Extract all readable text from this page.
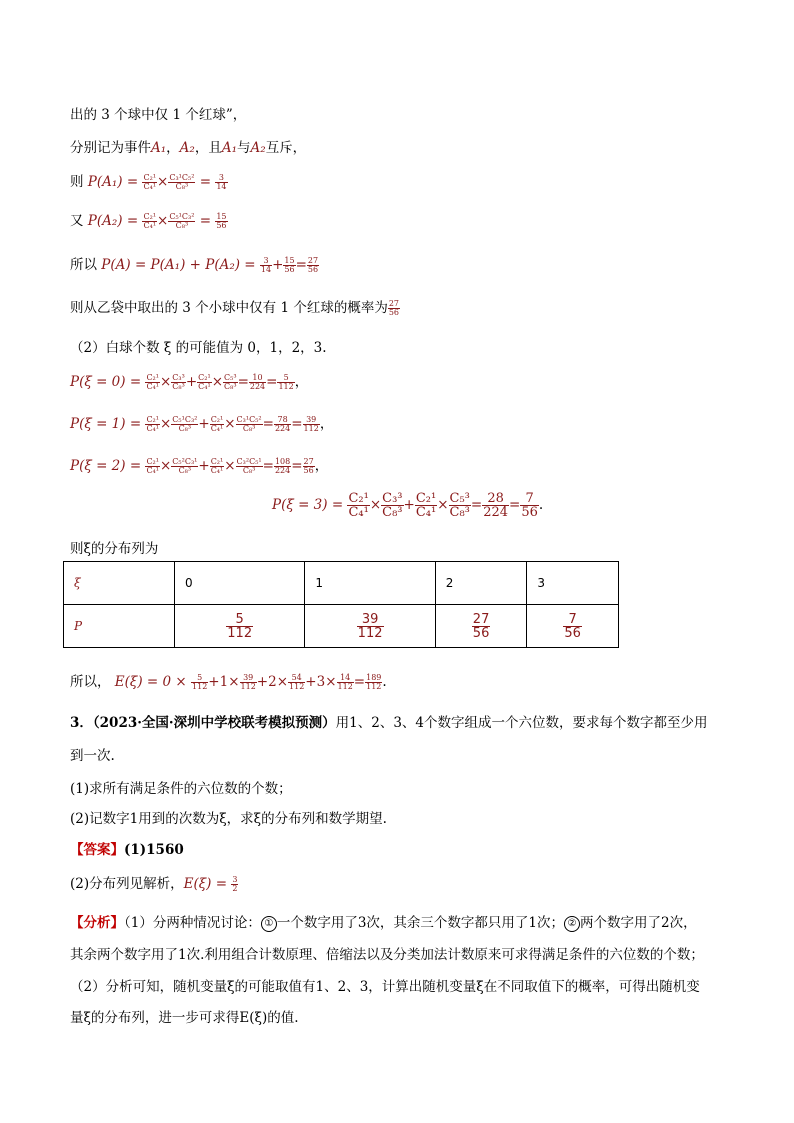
出的 3 个球中仅 1 个红球”，
分别记为事件A₁，A₂，且A₁与A₂互斥，
则 $P(A_1) = \frac{\text{C₂¹}}{\text{C₄¹}} \times \frac{\text{C₃¹C₅²}}{\text{C₈³}} = \frac{3}{14}$
又 $P(A_2) = \frac{\text{C₂¹}}{\text{C₄¹}} \times \frac{\text{C₅¹C₃²}}{\text{C₈³}} = \frac{15}{56}$
所以 $P(A) = P(A_1) + P(A_2) = \frac{3}{14} + \frac{15}{56} = \frac{27}{56}$
则从乙袋中取出的 3 个小球中仅有 1 个红球的概率为 $\frac{27}{56}$
（2）白球个数 ξ 的可能值为 0，1，2，3.
$P(\xi = 0) = \frac{\text{C₂¹}}{\text{C₄¹}} \times \frac{\text{C₃³}}{\text{C₈³}} + \frac{\text{C₂¹}}{\text{C₄¹}} \times \frac{\text{C₅³}}{\text{C₈³}} = \frac{10}{224} = \frac{5}{112}$ ，
$P(\xi = 1) = \frac{\text{C₂¹}}{\text{C₄¹}} \times \frac{\text{C₅¹C₃²}}{\text{C₈³}} + \frac{\text{C₂¹}}{\text{C₄¹}} \times \frac{\text{C₃¹C₅²}}{\text{C₈³}} = \frac{78}{224} = \frac{39}{112}$ ，
$P(\xi = 2) = \frac{\text{C₂¹}}{\text{C₄¹}} \times \frac{\text{C₅²C₃¹}}{\text{C₈³}} + \frac{\text{C₂¹}}{\text{C₄¹}} \times \frac{\text{C₃²C₅¹}}{\text{C₈³}} = \frac{108}{224} = \frac{27}{56}$ ，
$P(\xi = 3) = \frac{\text{C₂¹}}{\text{C₄¹}} \times \frac{\text{C₃³}}{\text{C₈³}} + \frac{\text{C₂¹}}{\text{C₄¹}} \times \frac{\text{C₅³}}{\text{C₈³}} = \frac{28}{224} = \frac{7}{56}$ .
则ξ的分布列为
ξ	0	1	2	3
P	$\frac{5}{112}$	$\frac{39}{112}$	$\frac{27}{56}$	$\frac{7}{56}$
所以， $E(\xi) = 0 \times \frac{5}{112} +1\times \frac{39}{112} +2\times \frac{54}{112} +3\times \frac{14}{112} = \frac{189}{112}$ .
3．（2023·全国·深圳中学校联考模拟预测）用1、2、3、4个数字组成一个六位数，要求每个数字都至少用
到一次.
(1)求所有满足条件的六位数的个数；
(2)记数字1用到的次数为ξ，求ξ的分布列和数学期望.
【答案】(1)1560
(2)分布列见解析，$E(\xi) = \frac{3}{2}$
【分析】（1）分两种情况讨论： ① 一个数字用了3次，其余三个数字都只用了1次； ② 两个数字用了2次，
其余两个数字用了1次.利用组合计数原理、倍缩法以及分类加法计数原来可求得满足条件的六位数的个数；
（2）分析可知，随机变量ξ的可能取值有1、2、3，计算出随机变量ξ在不同取值下的概率，可得出随机变
量ξ的分布列，进一步可求得E(ξ)的值.
